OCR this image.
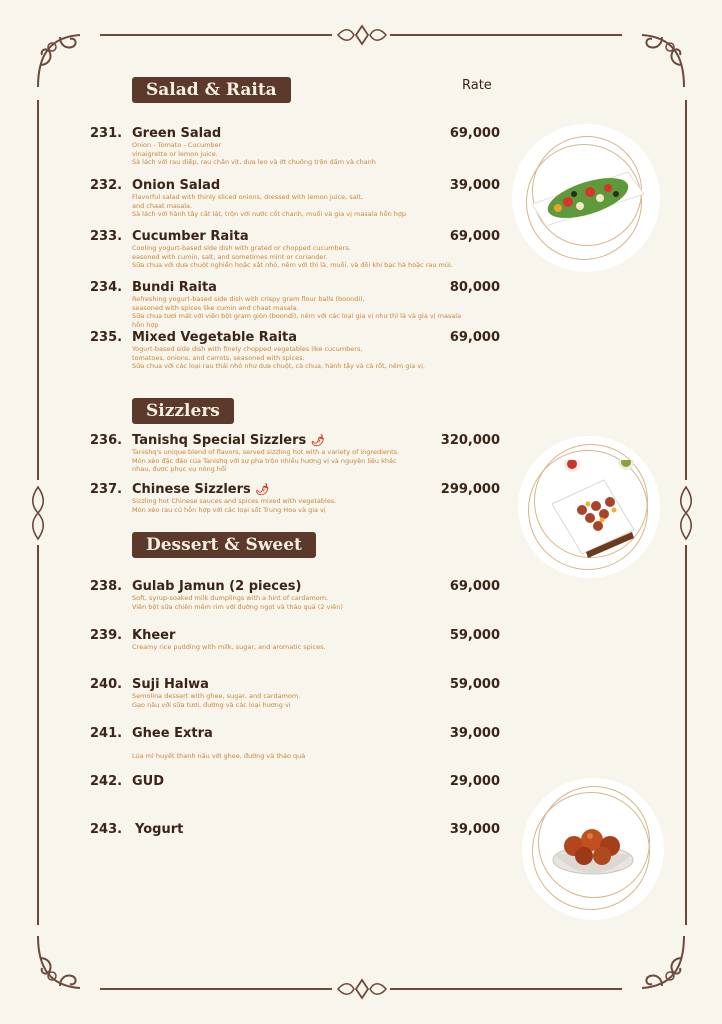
Rate
Salad & Raita
Sizzlers
Dessert & Sweet
231. Green Salad	69,000
Onion - Tomato - Cucumber
vinaigrette or lemon juice.
Sà lách với rau diếp, rau chân vịt, dưa leo và ớt chuông trộn dấm và chanh
232. Onion Salad	39,000
Flavorful salad with thinly sliced onions, dressed with lemon juice, salt,
and chaat masala.
Sà lách với hành tây cắt lát, trộn với nước cốt chanh, muối và gia vị masala hỗn hợp
233. Cucumber Raita	69,000
Cooling yogurt-based side dish with grated or chopped cucumbers,
easoned with cumin, salt, and sometimes mint or coriander.
Sữa chua với dưa chuột nghiền hoặc xắt nhỏ, nêm với thì là, muối, và đôi khi bạc hà hoặc rau mùi.
234. Bundi Raita	80,000
Refreshing yogurt-based side dish with crispy gram flour balls (boondi),
seasoned with spices like cumin and chaat masala.
Sữa chua tươi mát với viên bột gram giòn (boondi), nêm với các loại gia vị như thì là và gia vị masala hỗn hợp
235. Mixed Vegetable Raita	69,000
Yogurt-based side dish with finely chopped vegetables like cucumbers,
tomatoes, onions, and carrots, seasoned with spices.
Sữa chua với các loại rau thái nhỏ như dưa chuột, cà chua, hành tây và cà rốt, nêm gia vị.
236. Tanishq Special Sizzlers 🌶	320,000
Tanishq's unique blend of flavors, served sizzling hot with a variety of ingredients.
Món xèo đặc đáo của Tanishq với sự pha trộn nhiều hương vị và nguyên liệu khác
nhau, được phục vụ nóng hổi
237. Chinese Sizzlers 🌶	299,000
Sizzling hot Chinese sauces and spices mixed with vegetables.
Món xèo rau củ hỗn hợp với các loại sốt Trung Hoa và gia vị
238. Gulab Jamun (2 pieces)	69,000
Soft, syrup-soaked milk dumplings with a hint of cardamom.
Viên bột sữa chiên mềm rim với đường ngọt và thảo quả (2 viên)
239. Kheer	59,000
Creamy rice pudding with milk, sugar, and aromatic spices.
240. Suji Halwa	59,000
Semolina dessert with ghee, sugar, and cardamom.
Gạo nâu với sữa tươi, đường và các loại hương vị
241. Ghee Extra	39,000
Lúa mì huyết thanh nấu với ghee, đường và thảo quả
242. GUD	29,000
243. Yogurt	39,000
